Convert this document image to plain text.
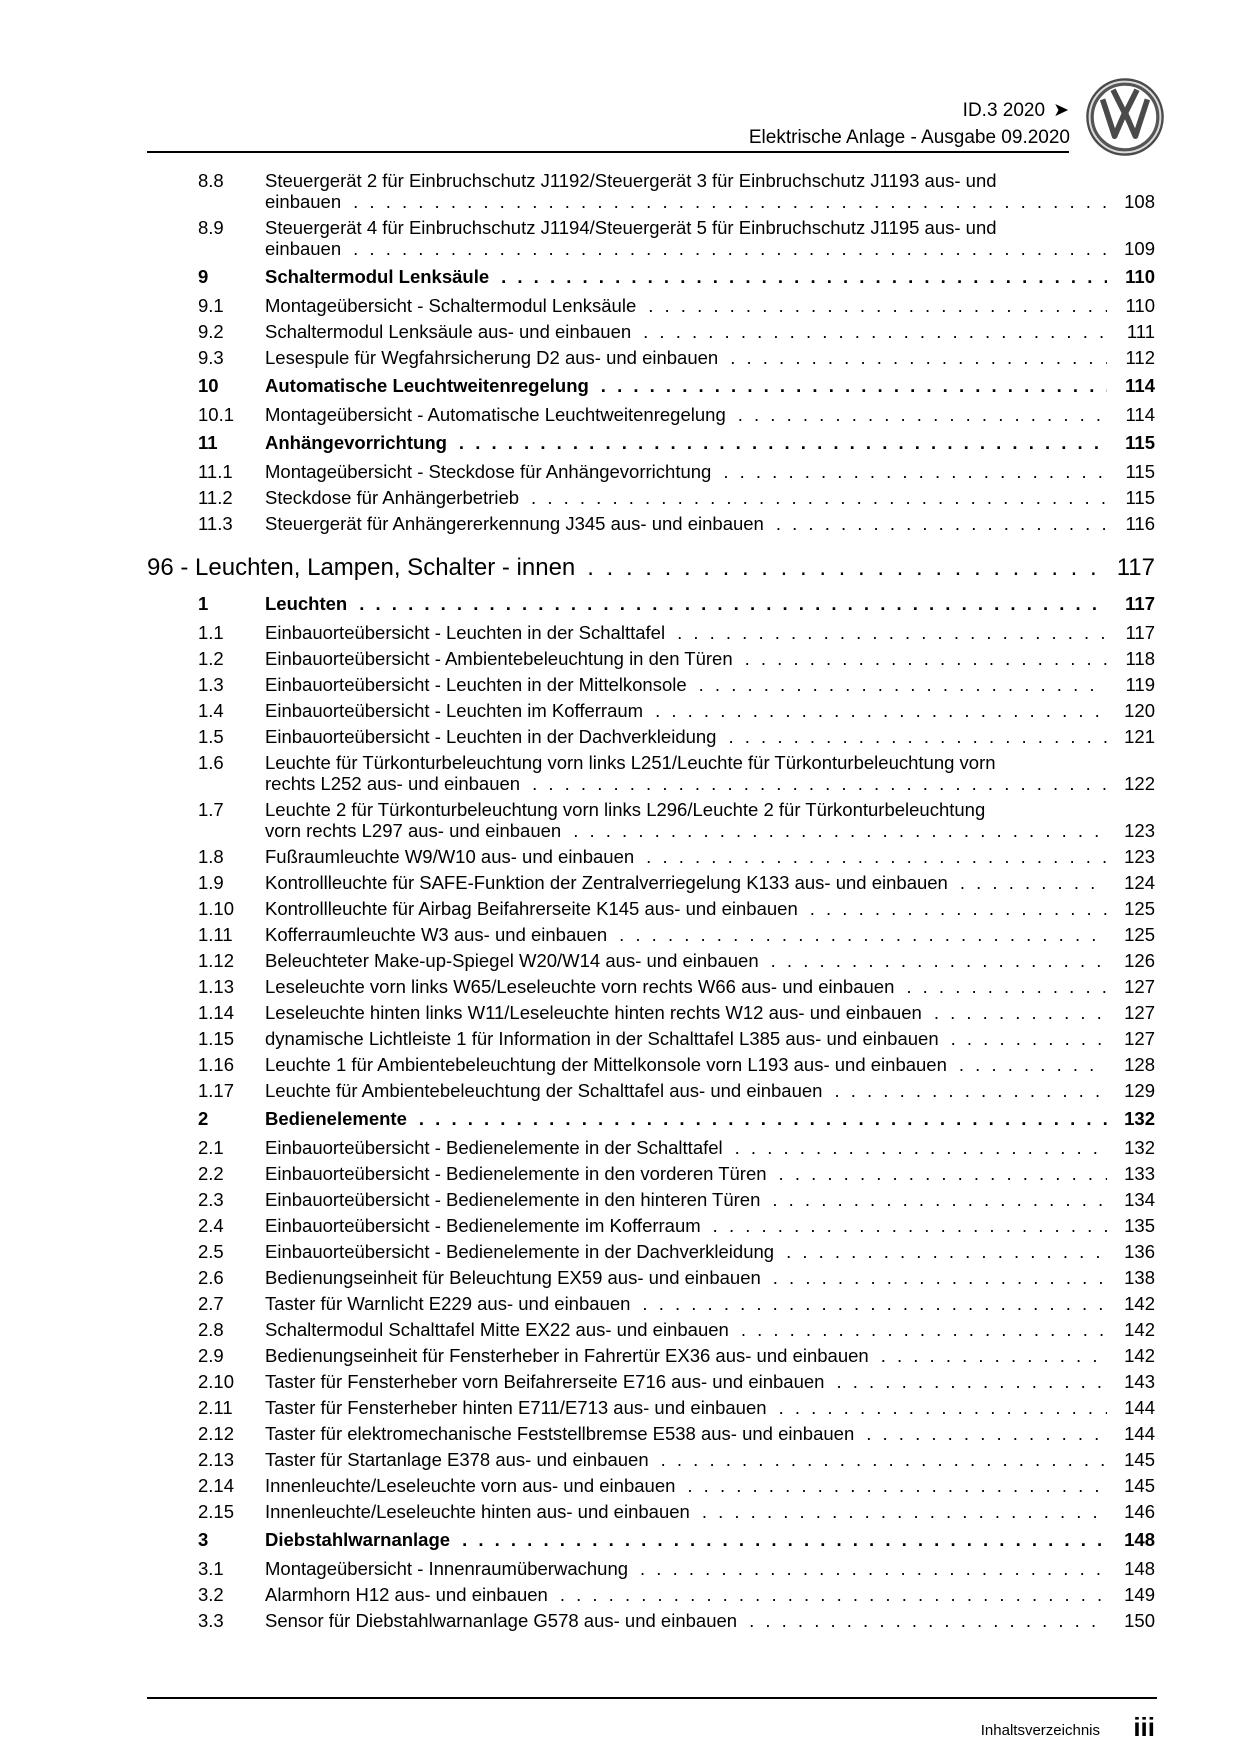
ID.3 2020 ➤
Elektrische Anlage - Ausgabe 09.2020
8.8 Steuergerät 2 für Einbruchschutz J1192/Steuergerät 3 für Einbruchschutz J1193 aus- und
einbauen . . .	108
8.9 Steuergerät 4 für Einbruchschutz J1194/Steuergerät 5 für Einbruchschutz J1195 aus- und
einbauen . . .	109
9	Schaltermodul Lenksäule . . .	110
9.1 Montageübersicht - Schaltermodul Lenksäule . . .	110
9.2 Schaltermodul Lenksäule aus- und einbauen . . .	111
9.3 Lesespule für Wegfahrsicherung D2 aus- und einbauen . . .	112
10	Automatische Leuchtweitenregelung . . .	114
10.1 Montageübersicht - Automatische Leuchtweitenregelung . . .	114
11	Anhängevorrichtung . . .	115
11.1 Montageübersicht - Steckdose für Anhängevorrichtung . . .	115
11.2 Steckdose für Anhängerbetrieb . . .	115
11.3 Steuergerät für Anhängererkennung J345 aus- und einbauen . . .	116
96 - Leuchten, Lampen, Schalter - innen . . .	117
1	Leuchten . . .	117
1.1 Einbauorteübersicht - Leuchten in der Schalttafel . . .	117
1.2 Einbauorteübersicht - Ambientebeleuchtung in den Türen . . .	118
1.3 Einbauorteübersicht - Leuchten in der Mittelkonsole . . .	119
1.4 Einbauorteübersicht - Leuchten im Kofferraum . . .	120
1.5 Einbauorteübersicht - Leuchten in der Dachverkleidung . . .	121
1.6 Leuchte für Türkonturbeleuchtung vorn links L251/Leuchte für Türkonturbeleuchtung vorn
rechts L252 aus- und einbauen . . .	122
1.7 Leuchte 2 für Türkonturbeleuchtung vorn links L296/Leuchte 2 für Türkonturbeleuchtung
vorn rechts L297 aus- und einbauen . . .	123
1.8 Fußraumleuchte W9/W10 aus- und einbauen . . .	123
1.9 Kontrollleuchte für SAFE-Funktion der Zentralverriegelung K133 aus- und einbauen . . .	124
1.10 Kontrollleuchte für Airbag Beifahrerseite K145 aus- und einbauen . . .	125
1.11 Kofferraumleuchte W3 aus- und einbauen . . .	125
1.12 Beleuchteter Make-up-Spiegel W20/W14 aus- und einbauen . . .	126
1.13 Leseleuchte vorn links W65/Leseleuchte vorn rechts W66 aus- und einbauen . . .	127
1.14 Leseleuchte hinten links W11/Leseleuchte hinten rechts W12 aus- und einbauen . . .	127
1.15 dynamische Lichtleiste 1 für Information in der Schalttafel L385 aus- und einbauen . . .	127
1.16 Leuchte 1 für Ambientebeleuchtung der Mittelkonsole vorn L193 aus- und einbauen . . .	128
1.17 Leuchte für Ambientebeleuchtung der Schalttafel aus- und einbauen . . .	129
2	Bedienelemente . . .	132
2.1 Einbauorteübersicht - Bedienelemente in der Schalttafel . . .	132
2.2 Einbauorteübersicht - Bedienelemente in den vorderen Türen . . .	133
2.3 Einbauorteübersicht - Bedienelemente in den hinteren Türen . . .	134
2.4 Einbauorteübersicht - Bedienelemente im Kofferraum . . .	135
2.5 Einbauorteübersicht - Bedienelemente in der Dachverkleidung . . .	136
2.6 Bedienungseinheit für Beleuchtung EX59 aus- und einbauen . . .	138
2.7 Taster für Warnlicht E229 aus- und einbauen . . .	142
2.8 Schaltermodul Schalttafel Mitte EX22 aus- und einbauen . . .	142
2.9 Bedienungseinheit für Fensterheber in Fahrertür EX36 aus- und einbauen . . .	142
2.10 Taster für Fensterheber vorn Beifahrerseite E716 aus- und einbauen . . .	143
2.11 Taster für Fensterheber hinten E711/E713 aus- und einbauen . . .	144
2.12 Taster für elektromechanische Feststellbremse E538 aus- und einbauen . . .	144
2.13 Taster für Startanlage E378 aus- und einbauen . . .	145
2.14 Innenleuchte/Leseleuchte vorn aus- und einbauen . . .	145
2.15 Innenleuchte/Leseleuchte hinten aus- und einbauen . . .	146
3	Diebstahlwarnanlage . . .	148
3.1 Montageübersicht - Innenraumüberwachung . . .	148
3.2 Alarmhorn H12 aus- und einbauen . . .	149
3.3 Sensor für Diebstahlwarnanlage G578 aus- und einbauen . . .	150
Inhaltsverzeichnis iii
